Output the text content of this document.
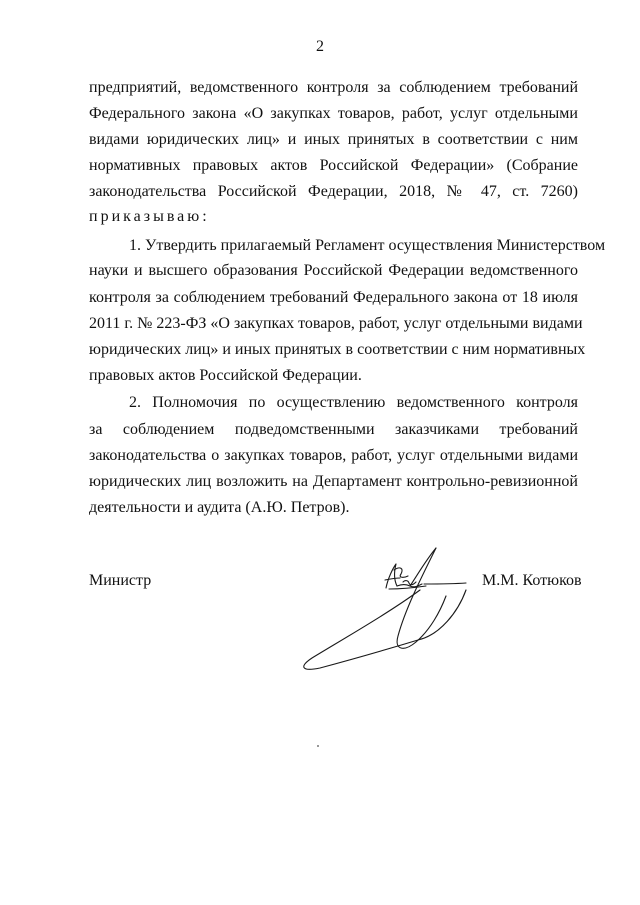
2
предприятий, ведомственного контроля за соблюдением требований
Федерального закона «О закупках товаров, работ, услуг отдельными
видами юридических лиц» и иных принятых в соответствии с ним
нормативных правовых актов Российской Федерации» (Собрание
законодательства Российской Федерации, 2018, № 47, ст. 7260)
приказываю:
1. Утвердить прилагаемый Регламент осуществления Министерством
науки и высшего образования Российской Федерации ведомственного
контроля за соблюдением требований Федерального закона от 18 июля
2011 г. № 223-ФЗ «О закупках товаров, работ, услуг отдельными видами
юридических лиц» и иных принятых в соответствии с ним нормативных
правовых актов Российской Федерации.
2. Полномочия по осуществлению ведомственного контроля
за соблюдением подведомственными заказчиками требований
законодательства о закупках товаров, работ, услуг отдельными видами
юридических лиц возложить на Департамент контрольно-ревизионной
деятельности и аудита (А.Ю. Петров).
Министр	М.М. Котюков
